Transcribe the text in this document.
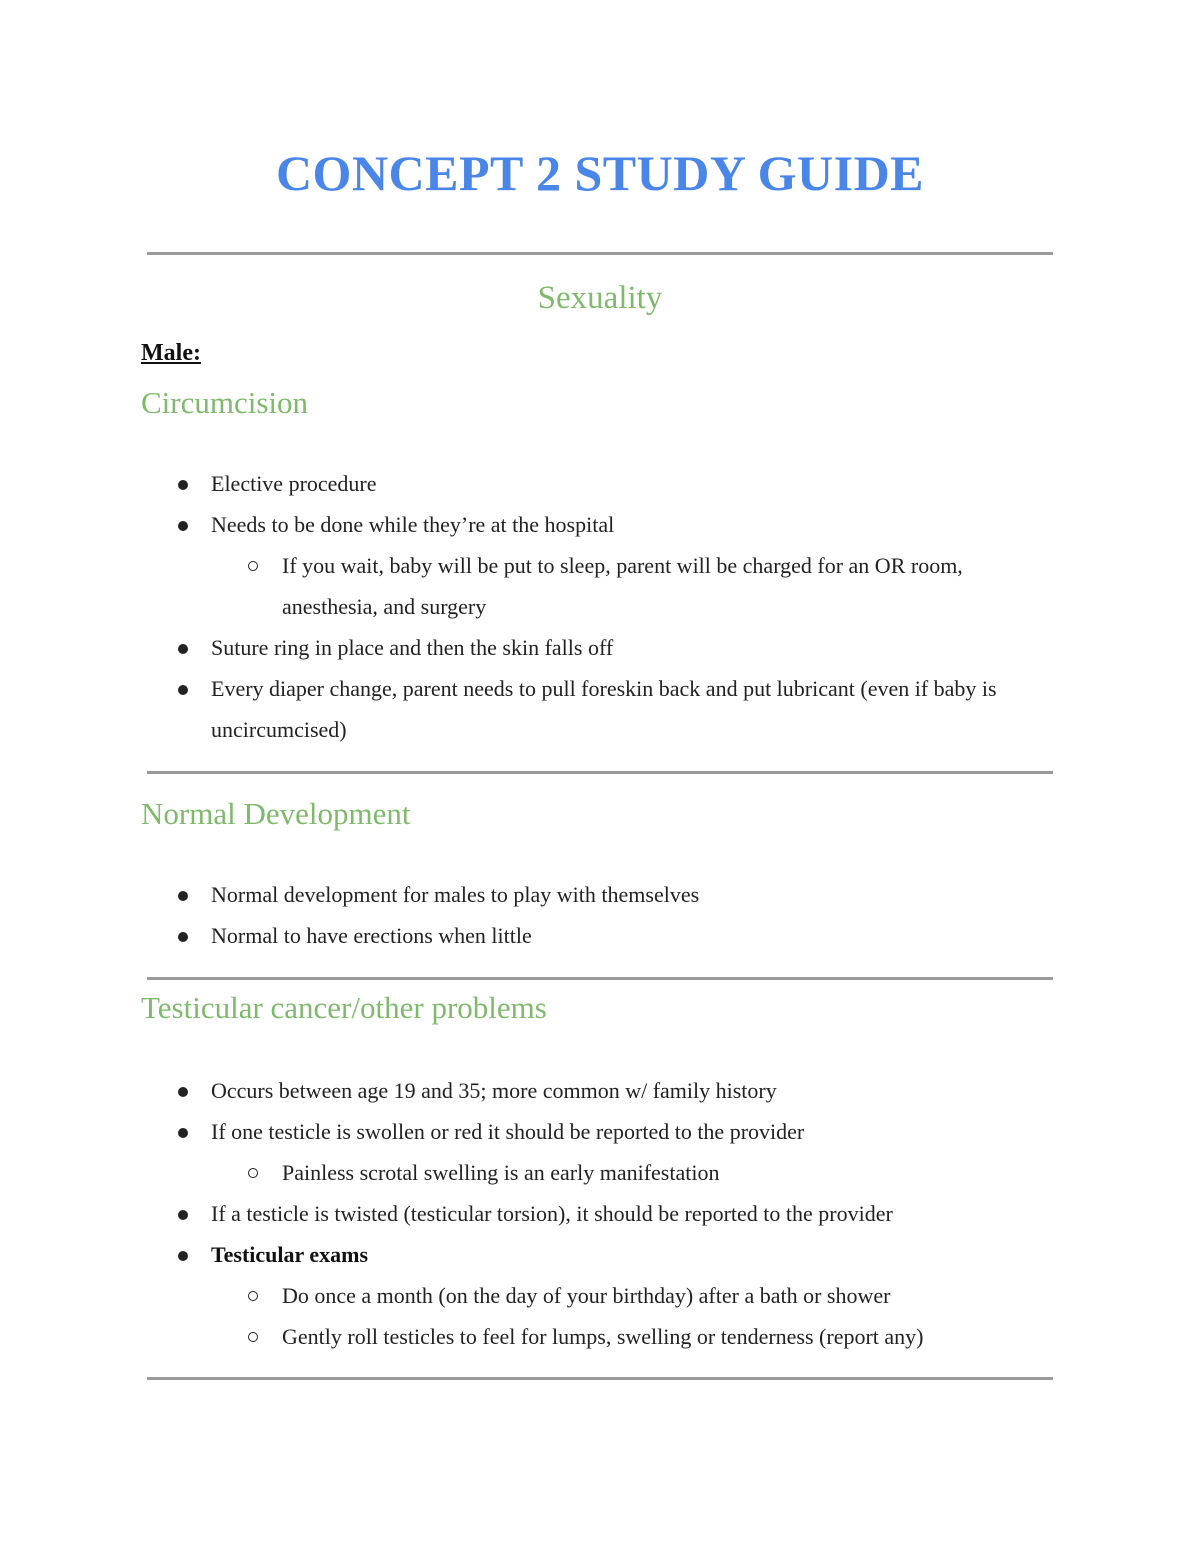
CONCEPT 2 STUDY GUIDE
Sexuality
Male:
Circumcision
Elective procedure
Needs to be done while they’re at the hospital
If you wait, baby will be put to sleep, parent will be charged for an OR room, anesthesia, and surgery
Suture ring in place and then the skin falls off
Every diaper change, parent needs to pull foreskin back and put lubricant (even if baby is uncircumcised)
Normal Development
Normal development for males to play with themselves
Normal to have erections when little
Testicular cancer/other problems
Occurs between age 19 and 35; more common w/ family history
If one testicle is swollen or red it should be reported to the provider
Painless scrotal swelling is an early manifestation
If a testicle is twisted (testicular torsion), it should be reported to the provider
Testicular exams
Do once a month (on the day of your birthday) after a bath or shower
Gently roll testicles to feel for lumps, swelling or tenderness (report any)
